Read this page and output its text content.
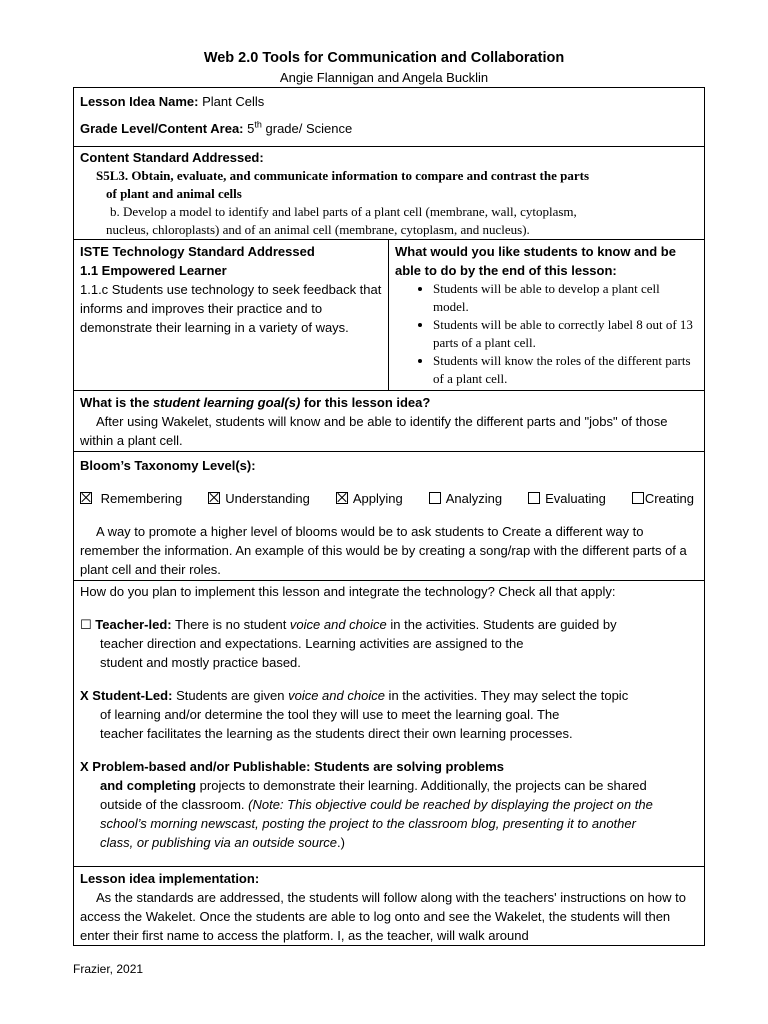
Web 2.0 Tools for Communication and Collaboration
Angie Flannigan and Angela Bucklin
Lesson Idea Name: Plant Cells
Grade Level/Content Area: 5th grade/ Science
Content Standard Addressed:
S5L3. Obtain, evaluate, and communicate information to compare and contrast the parts
of plant and animal cells
b. Develop a model to identify and label parts of a plant cell (membrane, wall, cytoplasm,
nucleus, chloroplasts) and of an animal cell (membrane, cytoplasm, and nucleus).
ISTE Technology Standard Addressed
1.1 Empowered Learner
1.1.c Students use technology to seek feedback that informs and improves their practice and to demonstrate their learning in a variety of ways.
What would you like students to know and be able to do by the end of this lesson:
• Students will be able to develop a plant cell model.
• Students will be able to correctly label 8 out of 13 parts of a plant cell.
• Students will know the roles of the different parts of a plant cell.
What is the student learning goal(s) for this lesson idea?
After using Wakelet, students will know and be able to identify the different parts and "jobs" of those within a plant cell.
Bloom’s Taxonomy Level(s):
Remembering	Understanding	Applying	Analyzing	Evaluating	Creating
A way to promote a higher level of blooms would be to ask students to Create a different way to remember the information. An example of this would be by creating a song/rap with the different parts of a plant cell and their roles.
How do you plan to implement this lesson and integrate the technology? Check all that apply:
☐ Teacher-led: There is no student voice and choice in the activities. Students are guided by
teacher direction and expectations. Learning activities are assigned to the
student and mostly practice based.
X Student-Led: Students are given voice and choice in the activities. They may select the topic
of learning and/or determine the tool they will use to meet the learning goal. The
teacher facilitates the learning as the students direct their own learning processes.
X Problem-based and/or Publishable: Students are solving problems
and completing projects to demonstrate their learning. Additionally, the projects can be shared
outside of the classroom. (Note: This objective could be reached by displaying the project on the
school’s morning newscast, posting the project to the classroom blog, presenting it to another
class, or publishing via an outside source.)
Lesson idea implementation:
As the standards are addressed, the students will follow along with the teachers' instructions on how to access the Wakelet. Once the students are able to log onto and see the Wakelet, the students will then enter their first name to access the platform. I, as the teacher, will walk around
Frazier, 2021
